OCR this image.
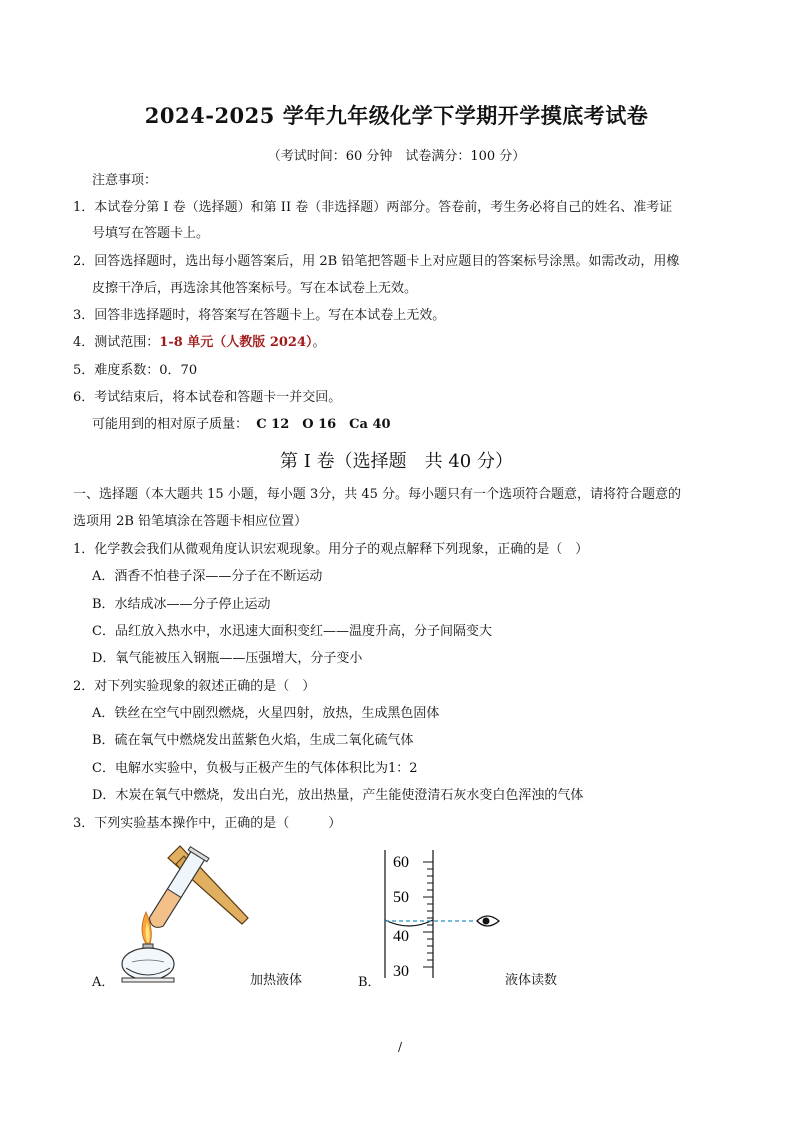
2024-2025 学年九年级化学下学期开学摸底考试卷
（考试时间：60 分钟　试卷满分：100 分）
注意事项：
1．本试卷分第 I 卷（选择题）和第 II 卷（非选择题）两部分。答卷前，考生务必将自己的姓名、准考证
号填写在答题卡上。
2．回答选择题时，选出每小题答案后，用 2B 铅笔把答题卡上对应题目的答案标号涂黑。如需改动，用橡
皮擦干净后，再选涂其他答案标号。写在本试卷上无效。
3．回答非选择题时，将答案写在答题卡上。写在本试卷上无效。
4．测试范围：1-8 单元（人教版 2024）。
5．难度系数：0．70
6．考试结束后，将本试卷和答题卡一并交回。
可能用到的相对原子质量： C 12　O 16　Ca 40
第 I 卷（选择题　共 40 分）
一、选择题（本大题共 15 小题，每小题 3分，共 45 分。每小题只有一个选项符合题意，请将符合题意的
选项用 2B 铅笔填涂在答题卡相应位置）
1．化学教会我们从微观角度认识宏观现象。用分子的观点解释下列现象，正确的是（　）
A．酒香不怕巷子深——分子在不断运动
B．水结成冰——分子停止运动
C．品红放入热水中，水迅速大面积变红——温度升高，分子间隔变大
D．氧气能被压入钢瓶——压强增大，分子变小
2．对下列实验现象的叙述正确的是（　）
A．铁丝在空气中剧烈燃烧，火星四射，放热，生成黑色固体
B．硫在氧气中燃烧发出蓝紫色火焰，生成二氧化硫气体
C．电解水实验中，负极与正极产生的气体体积比为1：2
D．木炭在氧气中燃烧，发出白光，放出热量，产生能使澄清石灰水变白色浑浊的气体
3．下列实验基本操作中，正确的是（　　　）
A．	加热液体
60
50
40
30
B．	液体读数
/
